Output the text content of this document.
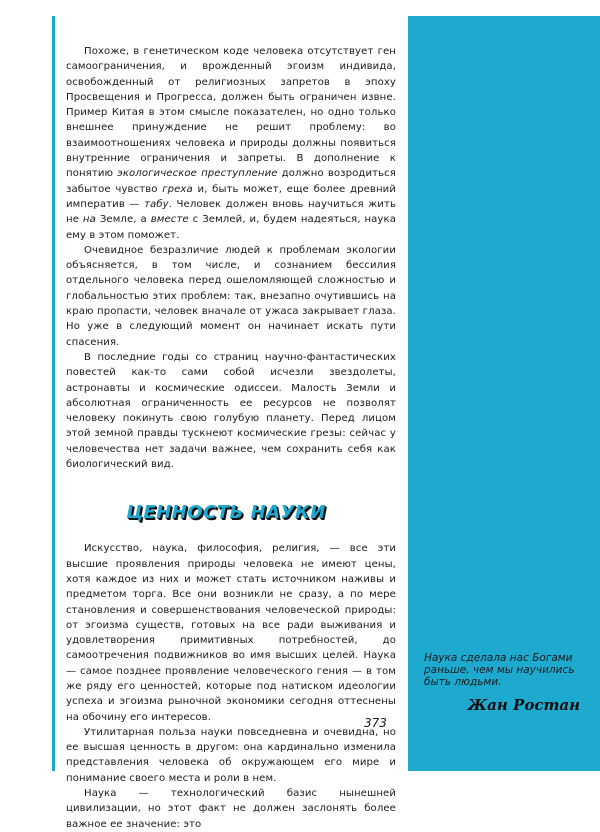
Похоже, в генетическом коде человека отсутствует ген самоограничения, и врожденный эгоизм индивида, освобожденный от религиозных запретов в эпоху Просвещения и Прогресса, должен быть ограничен извне. Пример Китая в этом смысле показателен, но одно только внешнее принуждение не решит проблему: во взаимоотношениях человека и природы должны появиться внутренние ограничения и запреты. В дополнение к понятию экологическое преступление должно возродиться забытое чувство греха и, быть может, еще более древний императив — табу. Человек должен вновь научиться жить не на Земле, а вместе с Землей, и, будем надеяться, наука ему в этом поможет.

Очевидное безразличие людей к проблемам экологии объясняется, в том числе, и сознанием бессилия отдельного человека перед ошеломляющей сложностью и глобальностью этих проблем: так, внезапно очутившись на краю пропасти, человек вначале от ужаса закрывает глаза. Но уже в следующий момент он начинает искать пути спасения.

В последние годы со страниц научно-фантастических повестей как-то сами собой исчезли звездолеты, астронавты и космические одиссеи. Малость Земли и абсолютная ограниченность ее ресурсов не позволят человеку покинуть свою голубую планету. Перед лицом этой земной правды тускнеют космические грезы: сейчас у человечества нет задачи важнее, чем сохранить себя как биологический вид.

ЦЕННОСТЬ НАУКИ

Искусство, наука, философия, религия, — все эти высшие проявления природы человека не имеют цены, хотя каждое из них и может стать источником наживы и предметом торга. Все они возникли не сразу, а по мере становления и совершенствования человеческой природы: от эгоизма существ, готовых на все ради выживания и удовлетворения примитивных потребностей, до самоотречения подвижников во имя высших целей. Наука — самое позднее проявление человеческого гения — в том же ряду его ценностей, которые под натиском идеологии успеха и эгоизма рыночной экономики сегодня оттеснены на обочину его интересов.

Утилитарная польза науки повседневна и очевидна, но ее высшая ценность в другом: она кардинально изменила представления человека об окружающем его мире и понимание своего места и роли в нем.

Наука — технологический базис нынешней цивилизации, но этот факт не должен заслонять более важное ее значение: это

Наука сделала нас Богами раньше, чем мы научились быть людьми.
Жан Ростан
373
